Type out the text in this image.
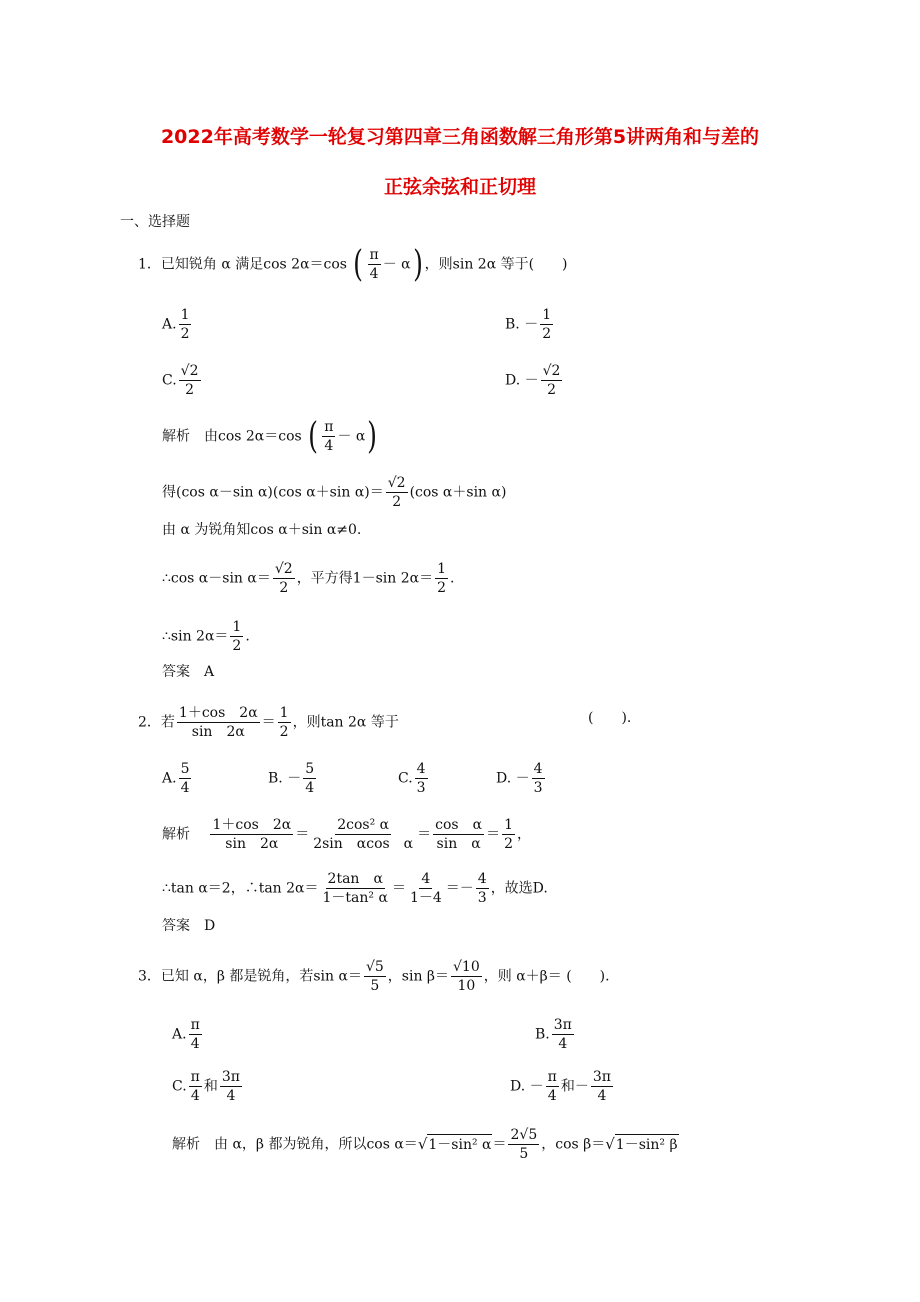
2022年高考数学一轮复习第四章三角函数解三角形第5讲两角和与差的
正弦余弦和正切理
一、选择题
1．已知锐角 α 满足cos 2α＝cos ( $\frac{\pi}{4} - \alpha$) ，则sin 2α 等于(　　)
A. $\frac{1}{2}$	B. － $\frac{1}{2}$
C. $\frac{√2}{2}$	D. － $\frac{√2}{2}$
解析　 由cos 2α＝cos ( $\frac{\pi}{4} - \alpha$)
得(cos α－sin α)(cos α＋sin $\alpha)= \frac{√2}{2} (\cos$ α＋sin α)
由 α 为锐角知cos α＋sin α≠0.
∴cos α－sin $\alpha= \frac{√2}{2}$ ，平方得1－sin $2\alpha= \frac{1}{2}$ .
∴sin $2\alpha= \frac{1}{2}$ .
答案　A
2．若 $\frac{1+\cos 2\alpha}{\sin 2\alpha} = \frac{1}{2}$ ，则tan 2α 等于	(　　).
A. $\frac{5}{4}$	B. － $\frac{5}{4}$	C. $\frac{4}{3}$	D. － $\frac{4}{3}$
解析　 $\frac{1+\cos 2\alpha}{\sin 2\alpha} = \frac{\text{2cos² α}}{\text{2sin　αcos　α}} = \frac{\text{cos　α}}{\text{sin　α}} = \frac{1}{2}$ ，
∴tan α＝2，∴tan $2\alpha= \frac{\text{2tan　α}}{\text{1－tan² α}} = \frac{4}{1-4} =- \frac{4}{3}$ ，故选D.
答案　D
3．已知 α，β 都是锐角，若$\sin \alpha= \frac{√5}{5}$ ，$\sin \beta= \frac{√10}{10}$ ，则 α＋β＝ (　　).
A. $\frac{\pi}{4}$	B. $\frac{3\pi}{4}$
C. $\frac{\pi}{4}$ 和 $\frac{3\pi}{4}$	D. － $\frac{\pi}{4}$ 和－ $\frac{3\pi}{4}$
解析　 由 α，β 都为锐角，所以cos α＝ √ 1－sin² $\alpha = \frac{2√5}{5}$ ，cos β＝ √ 1－sin² β
